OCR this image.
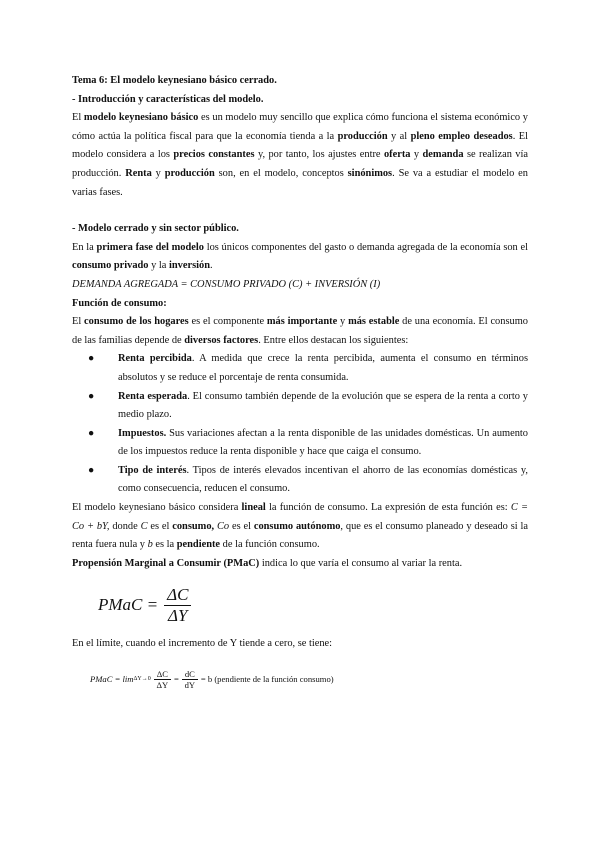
Tema 6: El modelo keynesiano básico cerrado.

- Introducción y características del modelo.

El modelo keynesiano básico es un modelo muy sencillo que explica cómo funciona el sistema económico y cómo actúa la política fiscal para que la economía tienda a la producción y al pleno empleo deseados. El modelo considera a los precios constantes y, por tanto, los ajustes entre oferta y demanda se realizan vía producción. Renta y producción son, en el modelo, conceptos sinónimos. Se va a estudiar el modelo en varias fases.

- Modelo cerrado y sin sector público.

En la primera fase del modelo los únicos componentes del gasto o demanda agregada de la economía son el consumo privado y la inversión.

DEMANDA AGREGADA = CONSUMO PRIVADO (C) + INVERSIÓN (I)

Función de consumo:

El consumo de los hogares es el componente más importante y más estable de una economía. El consumo de las familias depende de diversos factores. Entre ellos destacan los siguientes:

● Renta percibida. A medida que crece la renta percibida, aumenta el consumo en términos absolutos y se reduce el porcentaje de renta consumida.
● Renta esperada. El consumo también depende de la evolución que se espera de la renta a corto y medio plazo.
● Impuestos. Sus variaciones afectan a la renta disponible de las unidades domésticas. Un aumento de los impuestos reduce la renta disponible y hace que caiga el consumo.
● Tipo de interés. Tipos de interés elevados incentivan el ahorro de las economías domésticas y, como consecuencia, reducen el consumo.

El modelo keynesiano básico considera lineal la función de consumo. La expresión de esta función es: C = Co + bY, donde C es el consumo, Co es el consumo autónomo, que es el consumo planeado y deseado si la renta fuera nula y b es la pendiente de la función consumo.

Propensión Marginal a Consumir (PMaC) indica lo que varía el consumo al variar la renta.

PMaC = $\frac{\Delta C}{\Delta Y}$

En el límite, cuando el incremento de Y tiende a cero, se tiene:

PMaC = $\lim \Delta Y\to 0 \frac{\Delta C}{\Delta Y} = \frac{dC}{dY} = b$ (pendiente de la función consumo)
